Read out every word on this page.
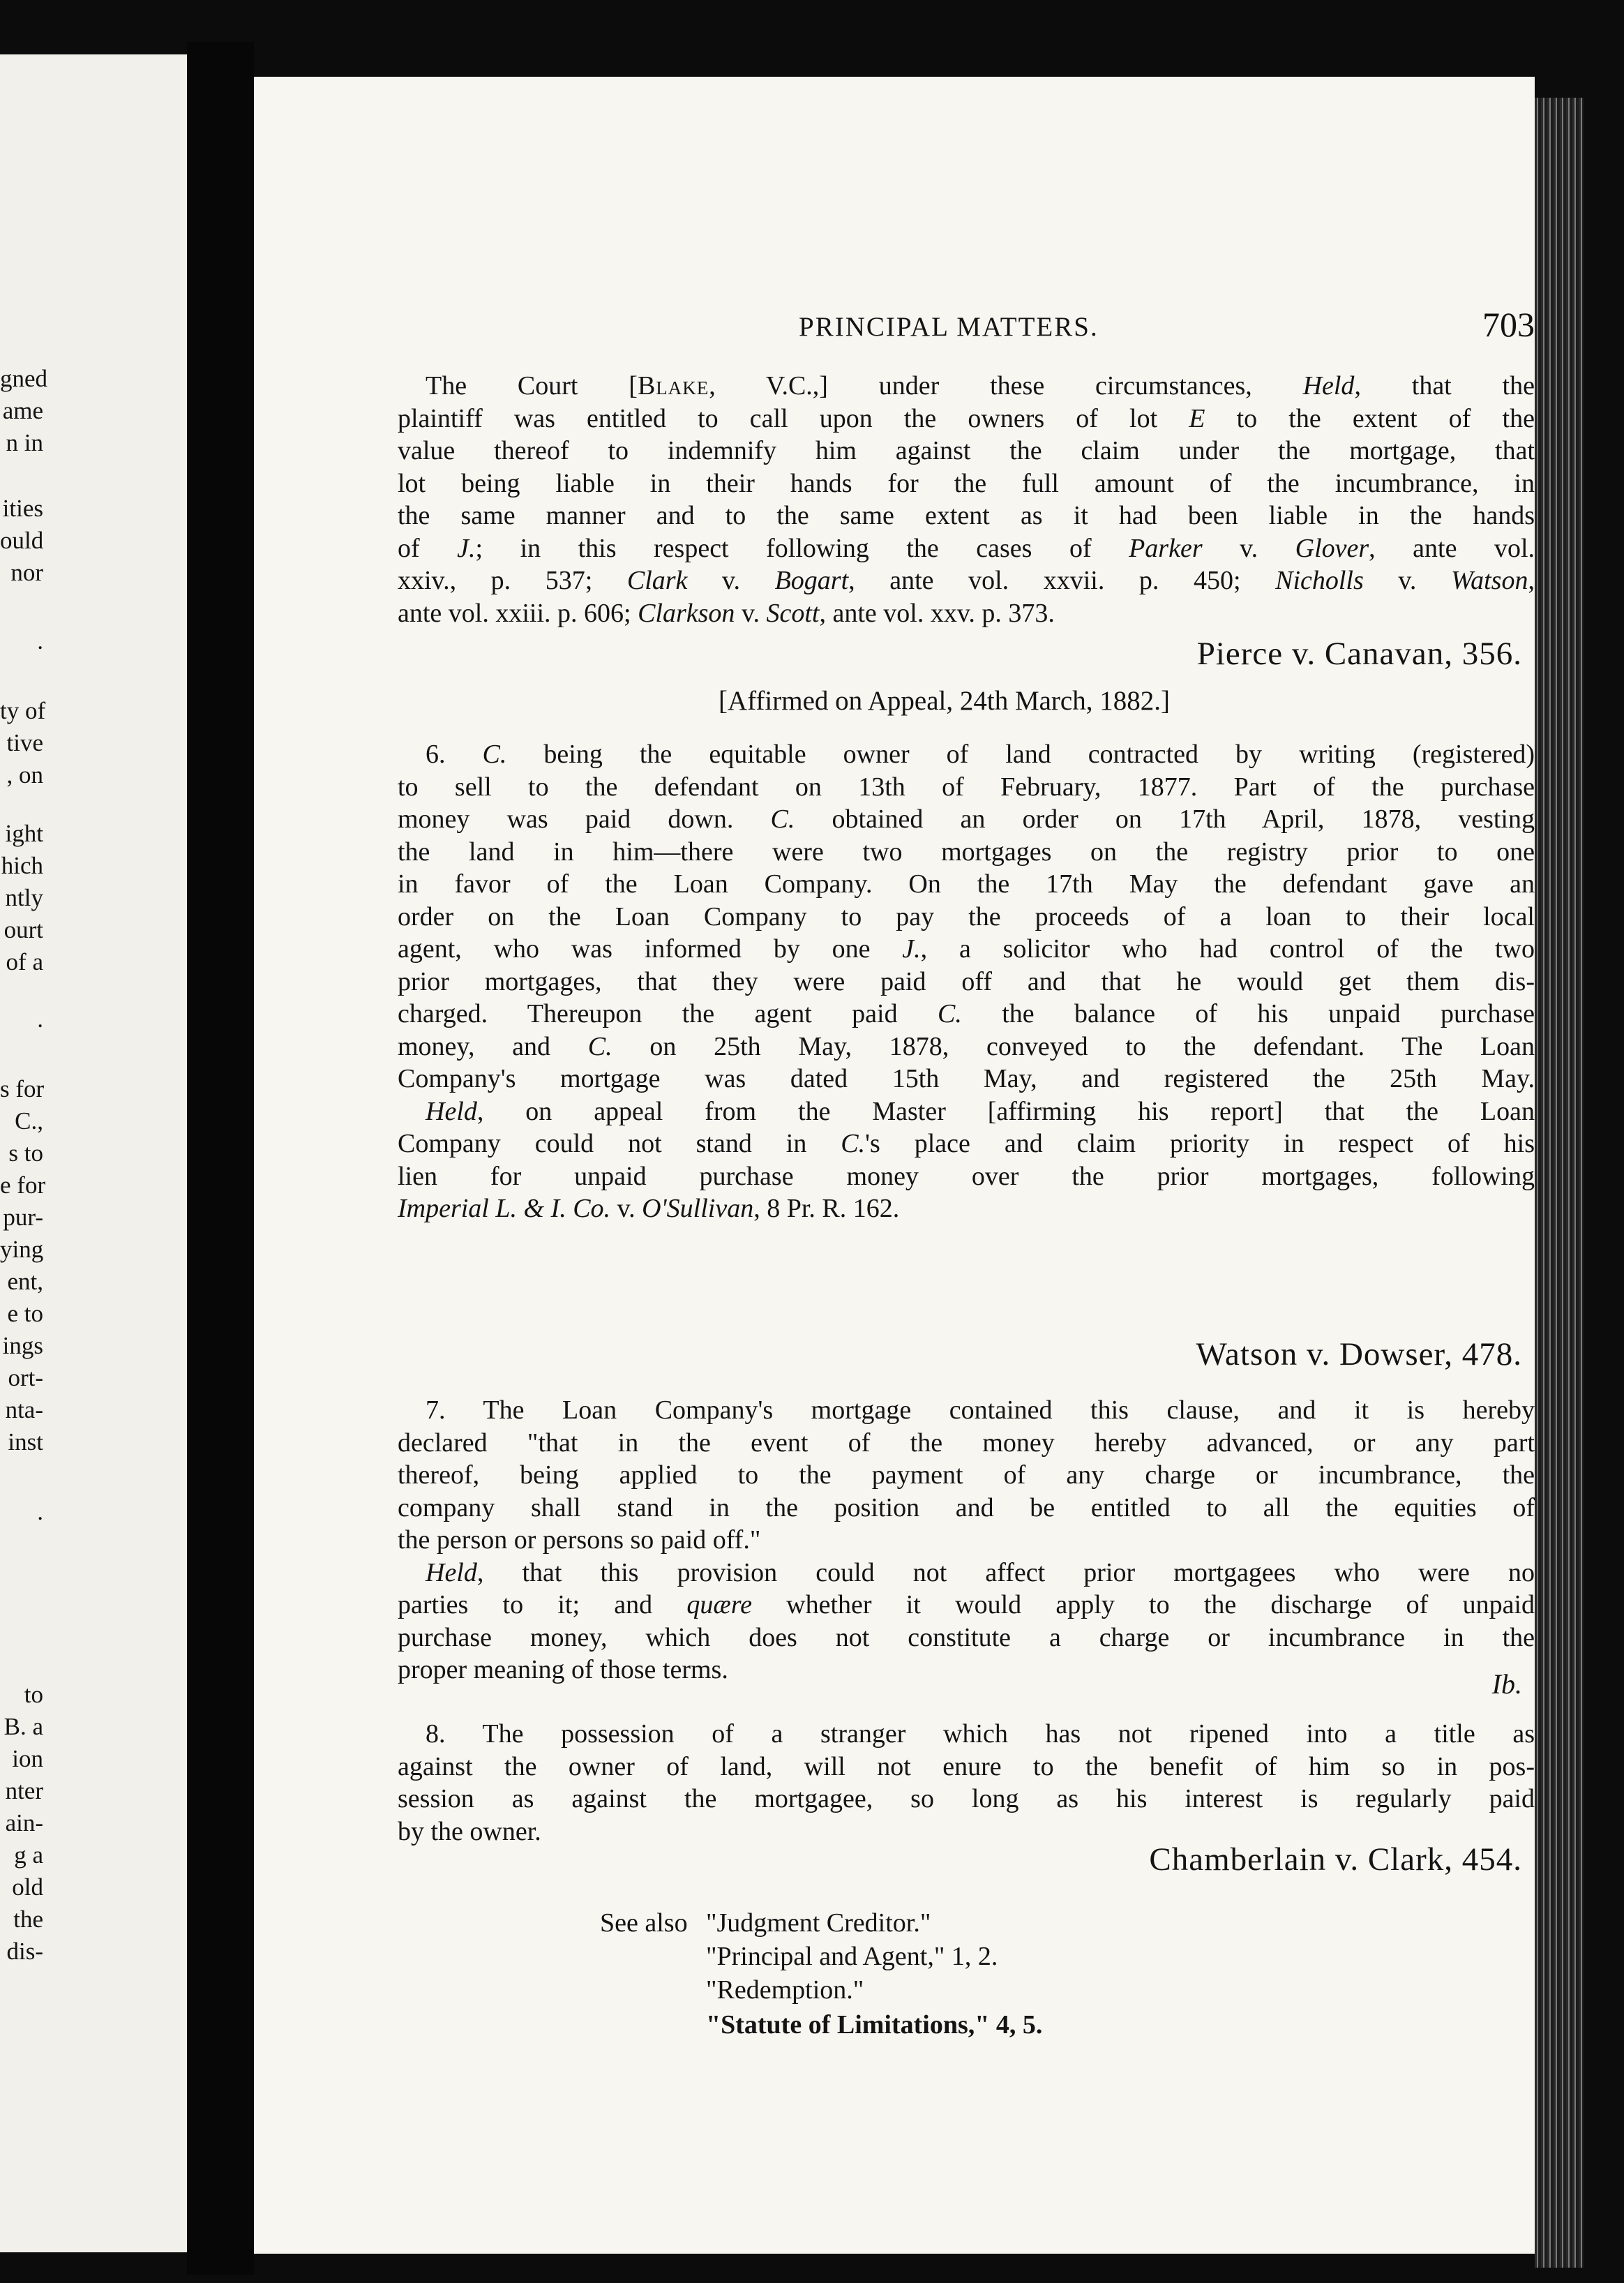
gned
ame
n in
ities
ould
nor
.
ty of
tive
, on
ight
hich
ntly
ourt
of a
.
s for
C.,
s to
e for
pur-
ying
ent,
e to
ings
ort-
nta-
inst
.
to
B. a
ion
nter
ain-
g a
old
the
dis-
PRINCIPAL MATTERS.	703

The Court [Blake, V.C.,] under these circumstances, Held, that the

plaintiff was entitled to call upon the owners of lot E to the extent of the

value thereof to indemnify him against the claim under the mortgage, that

lot being liable in their hands for the full amount of the incumbrance, in

the same manner and to the same extent as it had been liable in the hands

of J.; in this respect following the cases of Parker v. Glover, ante vol.

xxiv., p. 537; Clark v. Bogart, ante vol. xxvii. p. 450; Nicholls v. Watson,

ante vol. xxiii. p. 606; Clarkson v. Scott, ante vol. xxv. p. 373.

Pierce v. Canavan, 356.
[Affirmed on Appeal, 24th March, 1882.]

6. C. being the equitable owner of land contracted by writing (registered)

to sell to the defendant on 13th of February, 1877. Part of the purchase

money was paid down. C. obtained an order on 17th April, 1878, vesting

the land in him—there were two mortgages on the registry prior to one

in favor of the Loan Company. On the 17th May the defendant gave an

order on the Loan Company to pay the proceeds of a loan to their local

agent, who was informed by one J., a solicitor who had control of the two

prior mortgages, that they were paid off and that he would get them dis-

charged. Thereupon the agent paid C. the balance of his unpaid purchase

money, and C. on 25th May, 1878, conveyed to the defendant. The Loan

Company's mortgage was dated 15th May, and registered the 25th May.

Held, on appeal from the Master [affirming his report] that the Loan

Company could not stand in C.'s place and claim priority in respect of his

lien for unpaid purchase money over the prior mortgages, following

Imperial L. & I. Co. v. O'Sullivan, 8 Pr. R. 162.

Watson v. Dowser, 478.

7. The Loan Company's mortgage contained this clause, and it is hereby

declared "that in the event of the money hereby advanced, or any part

thereof, being applied to the payment of any charge or incumbrance, the

company shall stand in the position and be entitled to all the equities of

the person or persons so paid off."

Held, that this provision could not affect prior mortgagees who were no

parties to it; and quære whether it would apply to the discharge of unpaid

purchase money, which does not constitute a charge or incumbrance in the

proper meaning of those terms.	Ib.

8. The possession of a stranger which has not ripened into a title as

against the owner of land, will not enure to the benefit of him so in pos-

session as against the mortgagee, so long as his interest is regularly paid

by the owner.

Chamberlain v. Clark, 454.
See also "Judgment Creditor."
"Principal and Agent," 1, 2.
"Redemption."
"Statute of Limitations," 4, 5.
